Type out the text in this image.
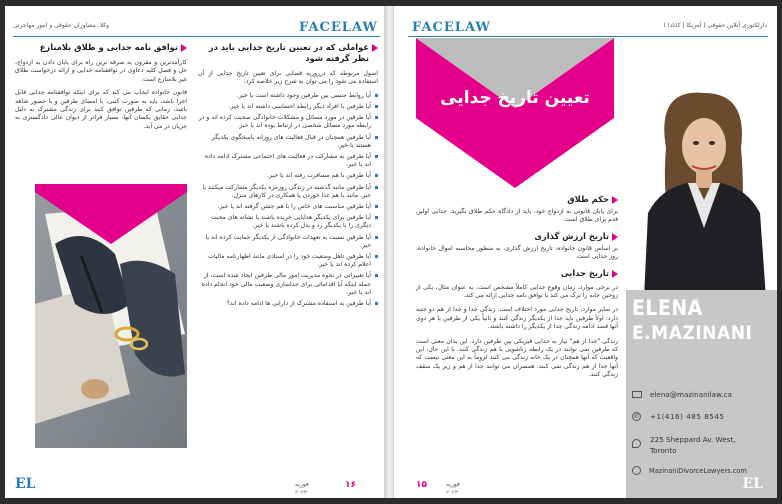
وکلا، مشاوران حقوقی و امور مهاجرتی	FACELAW
عواملی که در تعیین تاریخ جدایی باید در نظر گرفته شود
اصول مربوطه که درروریه قضایی برای تعیین تاریخ جدایی از آن استفاده می شود را می توان به شرح زیر خلاصه کرد:
آیا روابط جنسی بین طرفین وجود داشته است یا خیر.
آیا طرفین با افراد دیگر رابطه احساسی داشته اند یا خیر.
آیا طرفین در مورد مسائل و مشکلات خانوادگی صحبت کرده اند و در رابطه مورد مسائل شخصی در ارتباط بوده اند یا خیر.
آیا طرفین همچنان در قبال فعالیت های روزانه پاسخگوی یکدیگر هستند یا خیر.
آیا طرفین به مشارکت در فعالیت های اجتماعی مشترک ادامه داده اند یا خیر.
آیا طرفین با هم مسافرت رفته اند یا خیر.
آیا طرفین مانند گذشته در زندگی روزمره یکدیگر مشارکت میکنند یا خیر. مانند با هم غذا خوردن یا همکاری در کارهای منزل.
آیا طرفین مناسبت های خاص را با هم جشن گرفته اند یا خیر.
آیا طرفین برای یکدیگر هدایایی خریده باشند یا نشانه های محبت دیگری را با یکدیگر رد و بدل کرده باشند یا خیر.
آیا طرفین نسبت به تعهدات خانوادگی از یکدیگر حمایت کرده اند یا خیر.
آیا طرفین تاهل وضعیت خود را در اسنادی مانند اظهارنامه مالیات اعلام کرده اند یا خیر.
آیا تغییراتی در نحوه مدیریت امور مالی طرفین ایجاد شده است، از جمله اینکه آیا اقداماتی برای جداسازی وضعیت مالی خود انجام داده اند یا خیر.
آیا طرفین به استفاده مشترک از دارایی ها ادامه داده اند؟
توافق نامه جدایی و طلاق بلامنازع
کارآمدترین و مقرون به صرفه ترین راه برای پایان دادن به ازدواج، حل و فصل کلیه دعاوی در توافقنامه جدایی و ارائه درخواست طلاق غیر بلامنازع است.
قانون خانواده ایجاب می کند که برای اینکه توافقنامه جدایی قابل اجرا باشد، باید به صورت کتبی، با امضای طرفین و با حضور شاهد باشد. زمانی که طرفین توافق کنند برای زندگی مشترک به دلیل جدایی حقایق یکسان آنها، بسیار فراتر از دیوان عالی دادگستری به جریان در می آید.
EL	فوریه
۲۰۲۳
۱۶
FACELAW	دارلکتوری آنلاین حقوقی ( آمریکا | کانادا )
تعیین تاریخ جدایی
حکم طلاق
برای پایان قانونی به ازدواج خود، باید از دادگاه حکم طلاق بگیرید. جدایی اولین قدم برای طلاق است.
تاریخ ارزش گذاری
بر اساس قانون خانواده، تاریخ ارزش گذاری، به منظور محاسبه اموال خانواده، روز جدایی است.
تاریخ جدایی
در برخی موارد، زمان وقوع جدایی کاملاً مشخص است. به عنوان مثال، یکی از زوجین خانه را ترک می کند یا توافق نامه جدایی ارائه می کند.
در سایر موارد، تاریخ جدایی مورد اختلاف است. زندگی جدا و جدا از هم دو جنبه دارد: اولاً طرفین باید جدا از یکدیگر زندگی کنند و ثانیاً یکی از طرفین یا هر دوی آنها قصد ادامه زندگی جدا از یکدیگر را داشته باشند.
زندگی "جدا از هم" نیاز به جدایی فیزیکی بین طرفین دارد. این بدان معنی است که طرفین نمی توانند در یک رابطه زناشویی با هم زندگی کنند. با این حال، این واقعیت که آنها همچنان در یک خانه زندگی می کنند لزوماً به این معنی نیست که آنها جدا از هم زندگی نمی کنند. همسران می توانند جدا از هم و زیر یک سقف زندگی کنند.
ELENA
E.MAZINANI
elena@mazinanilaw.ca
✆ +1(416) 485 8545
225 Sheppard Av. West,
Toronto
MazinaniDivorceLawyers.com
۱۵	فوریه
۲۰۲۳
EL
